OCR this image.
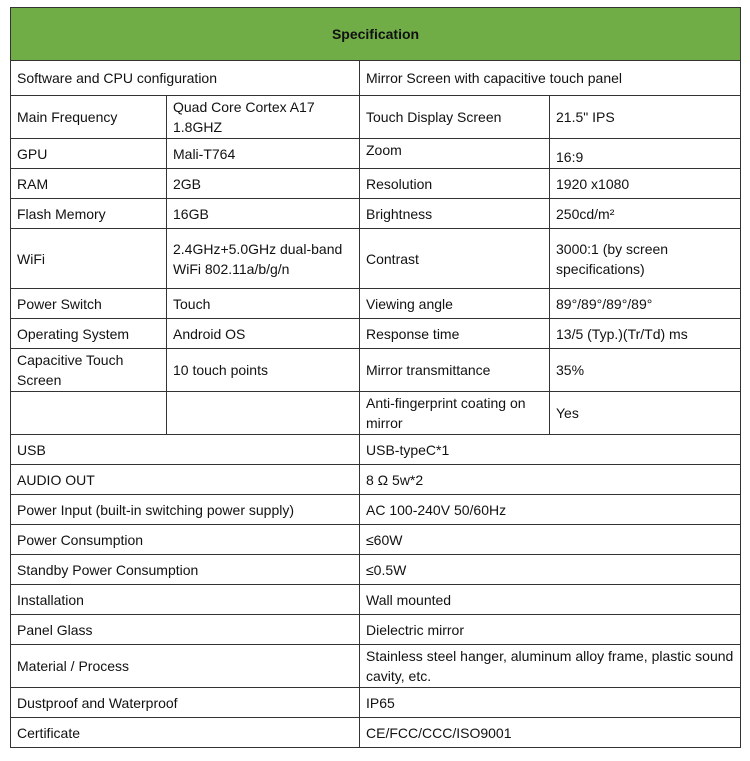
Specification			
Software and CPU configuration		Mirror Screen with capacitive touch panel	
Main Frequency	Quad Core Cortex A17 1.8GHZ	Touch Display Screen	21.5" IPS
GPU	Mali-T764	Zoom	16:9
RAM	2GB	Resolution	1920 x1080
Flash Memory	16GB	Brightness	250cd/m²
WiFi	2.4GHz+5.0GHz dual-band WiFi 802.11a/b/g/n	Contrast	3000:1 (by screen specifications)
Power Switch	Touch	Viewing angle	89°/89°/89°/89°
Operating System	Android OS	Response time	13/5 (Typ.)(Tr/Td) ms
Capacitive Touch Screen	10 touch points	Mirror transmittance	35%
		Anti-fingerprint coating on mirror	Yes
USB		USB-typeC*1	
AUDIO OUT		8 Ω 5w*2	
Power Input (built-in switching power supply)		AC 100-240V 50/60Hz	
Power Consumption		≤60W	
Standby Power Consumption		≤0.5W	
Installation		Wall mounted	
Panel Glass		Dielectric mirror	
Material / Process		Stainless steel hanger, aluminum alloy frame, plastic sound cavity, etc.	
Dustproof and Waterproof		IP65	
Certificate		CE/FCC/CCC/ISO9001	
